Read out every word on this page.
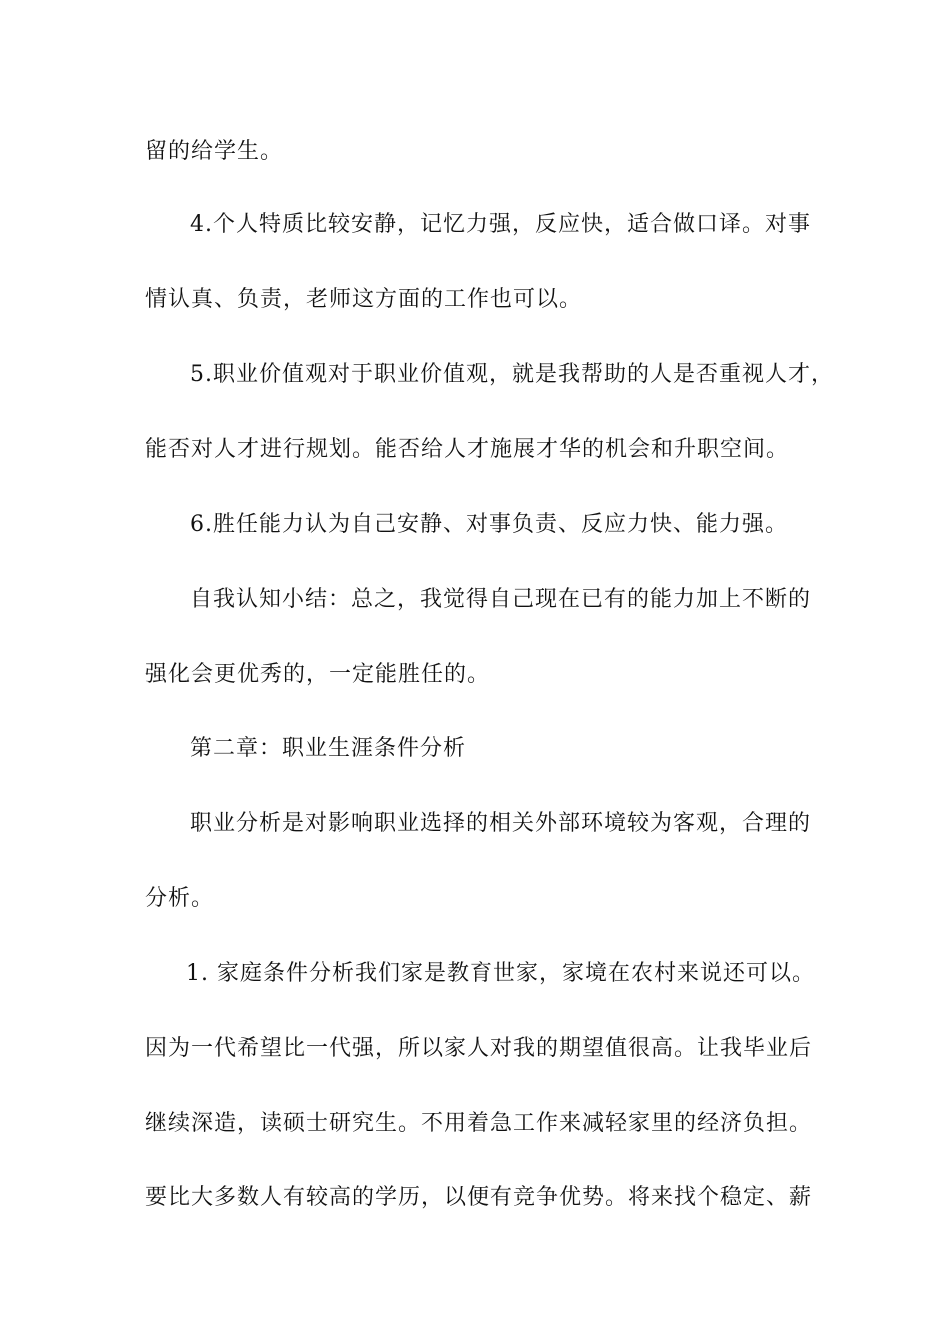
留的给学生。
4.个人特质比较安静，记忆力强，反应快，适合做口译。对事
情认真、负责，老师这方面的工作也可以。
5.职业价值观对于职业价值观，就是我帮助的人是否重视人才，
能否对人才进行规划。能否给人才施展才华的机会和升职空间。
6.胜任能力认为自己安静、对事负责、反应力快、能力强。
自我认知小结：总之，我觉得自己现在已有的能力加上不断的
强化会更优秀的，一定能胜任的。
第二章：职业生涯条件分析
职业分析是对影响职业选择的相关外部环境较为客观，合理的
分析。
1. 家庭条件分析我们家是教育世家，家境在农村来说还可以。
因为一代希望比一代强，所以家人对我的期望值很高。让我毕业后
继续深造，读硕士研究生。不用着急工作来减轻家里的经济负担。
要比大多数人有较高的学历，以便有竞争优势。将来找个稳定、薪
